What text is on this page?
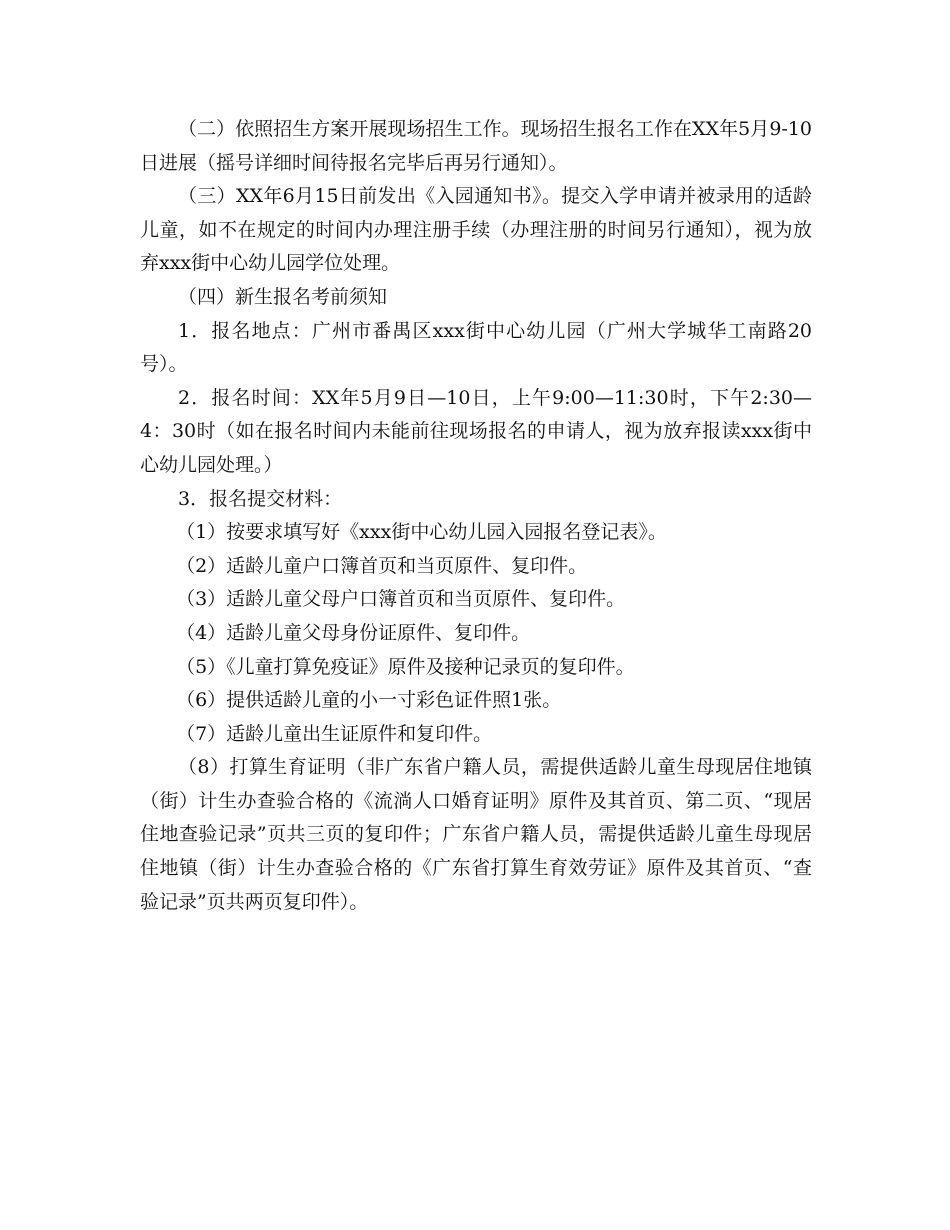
（二）依照招生方案开展现场招生工作。现场招生报名工作在XX年5月9-10日进展（摇号详细时间待报名完毕后再另行通知）。

（三）XX年6月15日前发出《入园通知书》。提交入学申请并被录用的适龄儿童，如不在规定的时间内办理注册手续（办理注册的时间另行通知），视为放弃xxx街中心幼儿园学位处理。

（四）新生报名考前须知

1．报名地点：广州市番禺区xxx街中心幼儿园（广州大学城华工南路20号）。

2．报名时间：XX年5月9日—10日，上午9:00—11:30时，下午2:30—4：30时（如在报名时间内未能前往现场报名的申请人，视为放弃报读xxx街中心幼儿园处理。）

3．报名提交材料：

（1）按要求填写好《xxx街中心幼儿园入园报名登记表》。

（2）适龄儿童户口簿首页和当页原件、复印件。

（3）适龄儿童父母户口簿首页和当页原件、复印件。

（4）适龄儿童父母身份证原件、复印件。

（5）《儿童打算免疫证》原件及接种记录页的复印件。

（6）提供适龄儿童的小一寸彩色证件照1张。

（7）适龄儿童出生证原件和复印件。

（8）打算生育证明（非广东省户籍人员，需提供适龄儿童生母现居住地镇（街）计生办查验合格的《流淌人口婚育证明》原件及其首页、第二页、“现居住地查验记录”页共三页的复印件；广东省户籍人员，需提供适龄儿童生母现居住地镇（街）计生办查验合格的《广东省打算生育效劳证》原件及其首页、“查验记录”页共两页复印件）。
